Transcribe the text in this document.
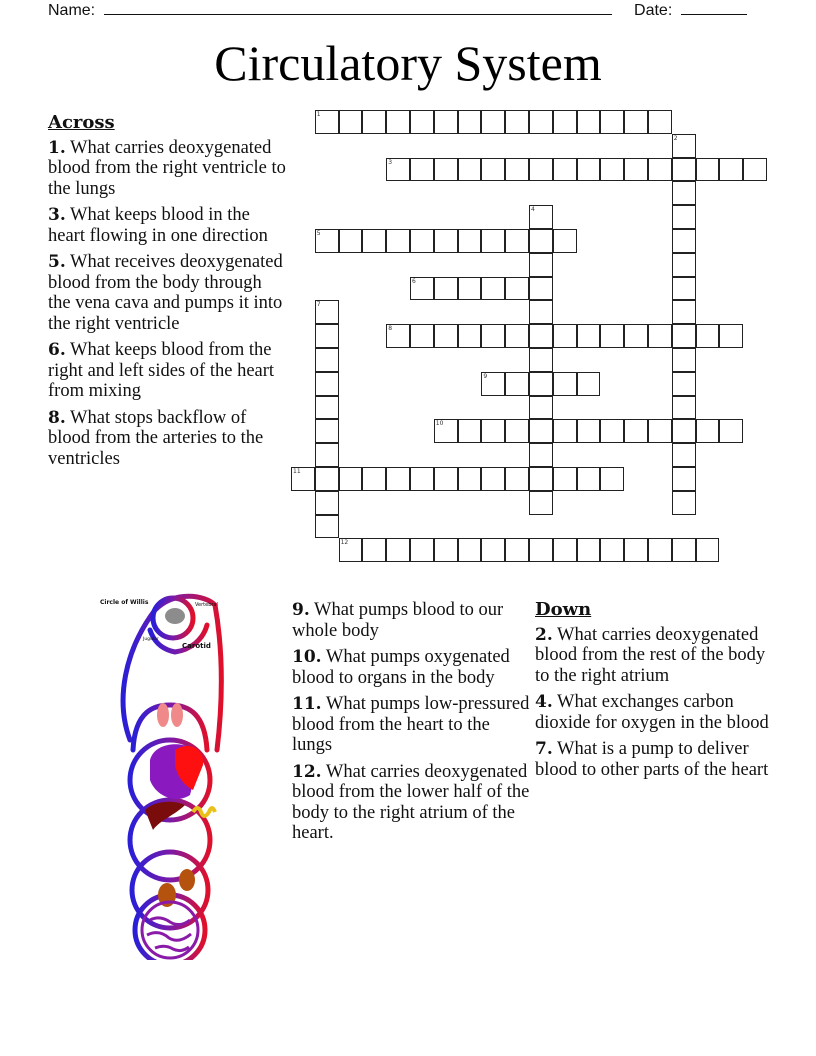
Name:	Date:
Circulatory System
Across
1. What carries deoxygenated blood from the right ventricle to the lungs
3. What keeps blood in the heart flowing in one direction
5. What receives deoxygenated blood from the body through the vena cava and pumps it into the right ventricle
6. What keeps blood from the right and left sides of the heart from mixing
8. What stops backflow of blood from the arteries to the ventricles
9. What pumps blood to our whole body
10. What pumps oxygenated blood to organs in the body
11. What pumps low-pressured blood from the heart to the lungs
12. What carries deoxygenated blood from the lower half of the body to the right atrium of the heart.
Down
2. What carries deoxygenated blood from the rest of the body to the right atrium
4. What exchanges carbon dioxide for oxygen in the blood
7. What is a pump to deliver blood to other parts of the heart
1
2
3
4
5
6
7
8
9
10
11
12
Circle of Willis	Vertebral
Jugular
Carotid
